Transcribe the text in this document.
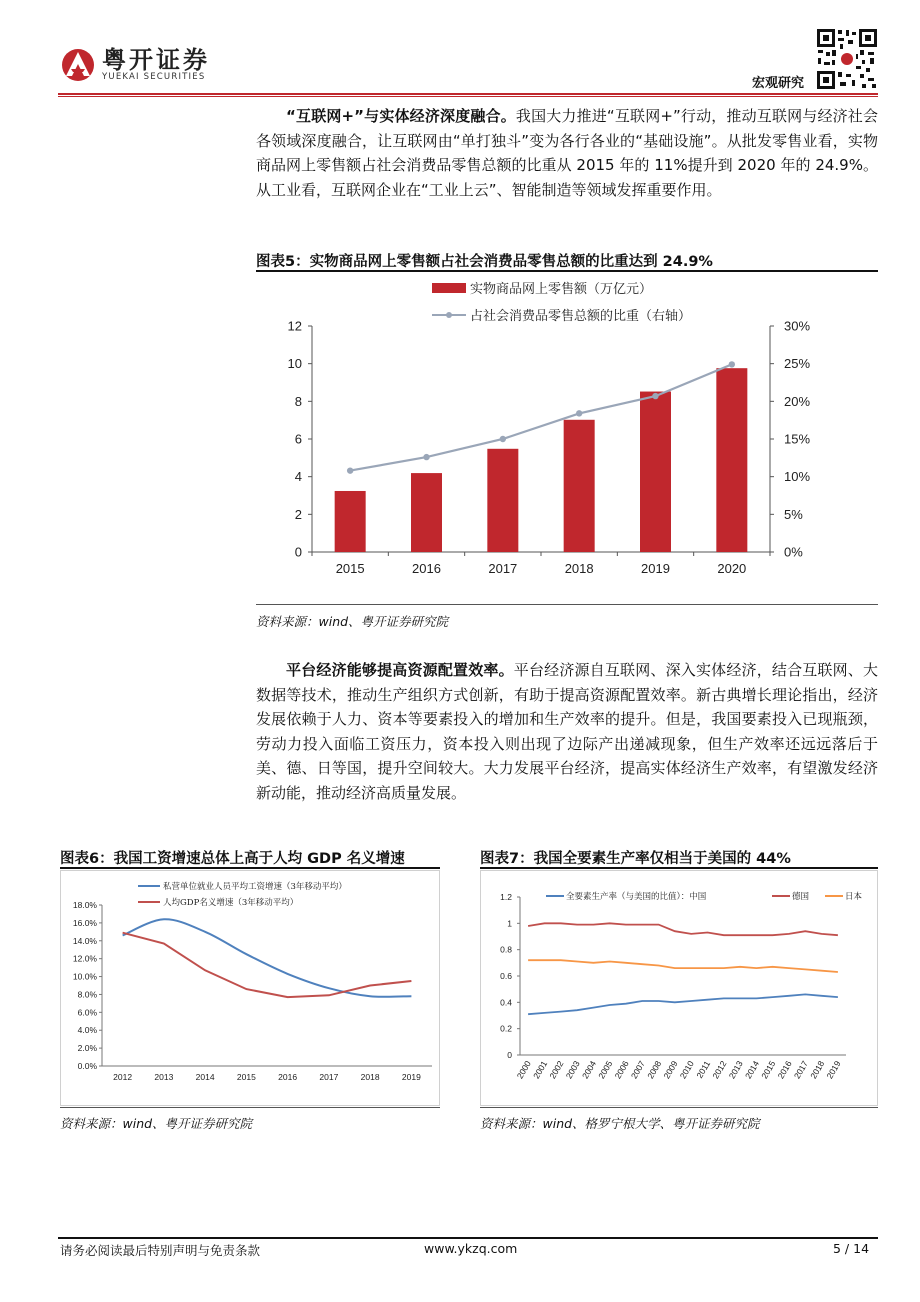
粤开证券
YUEKAI SECURITIES	宏观研究

“互联网+”与实体经济深度融合。我国大力推进“互联网+”行动，推动互联网与经济社会各领域深度融合，让互联网由“单打独斗”变为各行各业的“基础设施”。从批发零售业看，实物商品网上零售额占社会消费品零售总额的比重从 2015 年的 11%提升到 2020 年的 24.9%。从工业看，互联网企业在“工业上云”、智能制造等领域发挥重要作用。

图表5：实物商品网上零售额占社会消费品零售总额的比重达到 24.9%
0
2
4
6
8
10
12
0%
5%
10%
15%
20%
25%
30%
2015	2016	2017	2018	2019	2020
实物商品网上零售额（万亿元）
占社会消费品零售总额的比重（右轴）
资料来源：wind、粤开证券研究院

平台经济能够提高资源配置效率。平台经济源自互联网、深入实体经济，结合互联网、大数据等技术，推动生产组织方式创新，有助于提高资源配置效率。新古典增长理论指出，经济发展依赖于人力、资本等要素投入的增加和生产效率的提升。但是，我国要素投入已现瓶颈，劳动力投入面临工资压力，资本投入则出现了边际产出递减现象，但生产效率还远远落后于美、德、日等国，提升空间较大。大力发展平台经济，提高实体经济生产效率，有望激发经济新动能，推动经济高质量发展。

图表6：我国工资增速总体上高于人均 GDP 名义增速
0.0%
2.0%
4.0%
6.0%
8.0%
10.0%
12.0%
14.0%
16.0%
18.0%
2012	2013	2014	2015	2016	2017	2018	2019
私营单位就业人员平均工资增速（3年移动平均）
人均GDP名义增速（3年移动平均）
资料来源：wind、粤开证券研究院
图表7：我国全要素生产率仅相当于美国的 44%
0
0.2
0.4
0.6
0.8
1
1.2
2000
2001
2002
2003
2004
2005
2006
2007
2008
2009
2010
2011
2012
2013
2014
2015
2016
2017
2018
2019
全要素生产率（与美国的比值）：中国	德国	日本
资料来源：wind、格罗宁根大学、粤开证券研究院
请务必阅读最后特别声明与免责条款	www.ykzq.com	5 / 14
